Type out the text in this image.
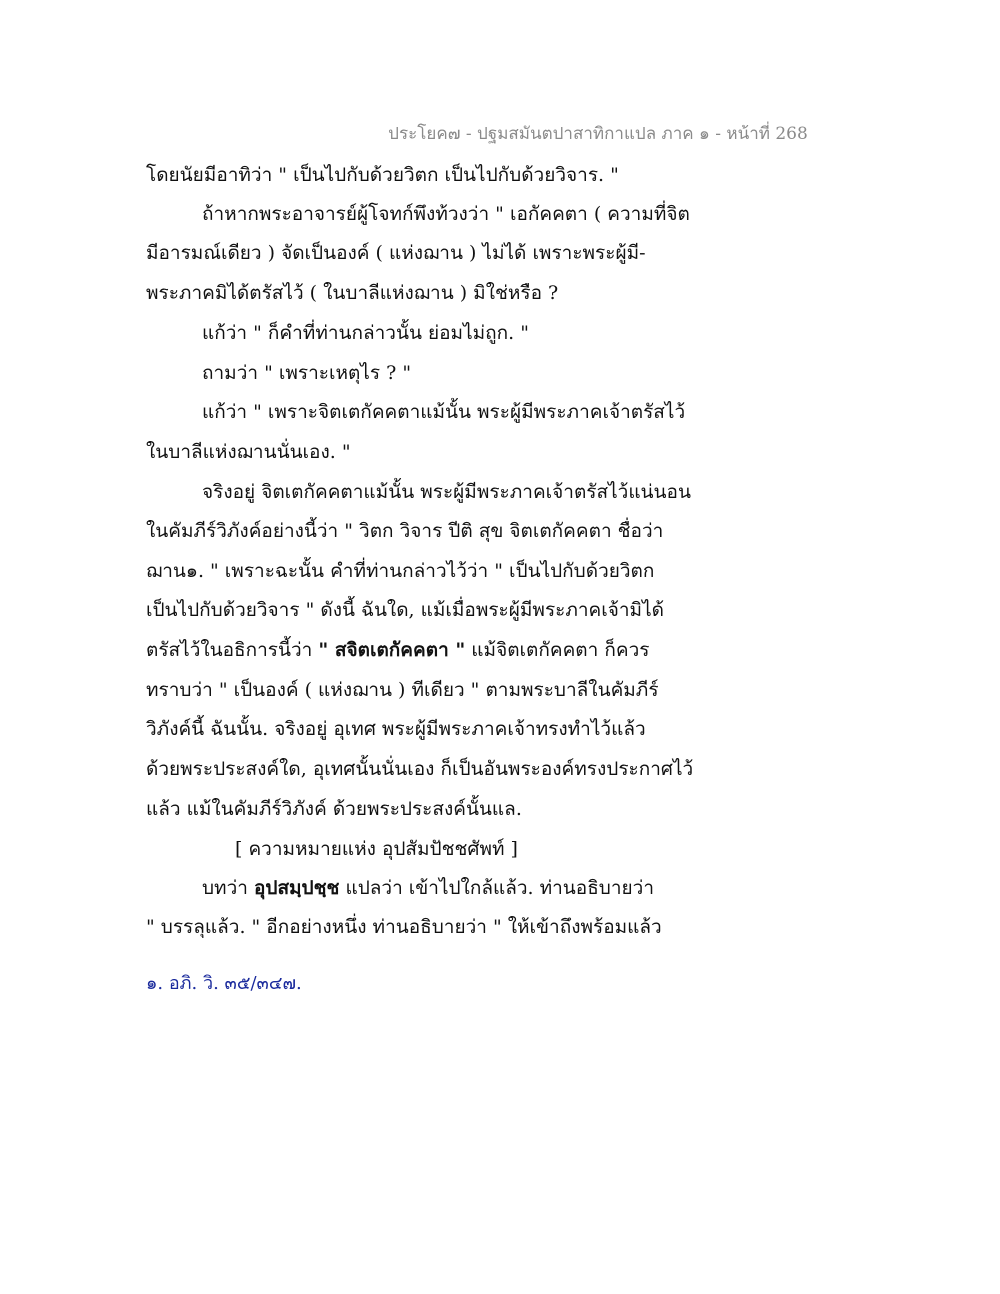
ประโยค๗ - ปฐมสมันตปาสาทิกาแปล ภาค ๑ - หน้าที่ 268
โดยนัยมีอาทิว่า " เป็นไปกับด้วยวิตก เป็นไปกับด้วยวิจาร. "
ถ้าหากพระอาจารย์ผู้โจทก์พึงท้วงว่า " เอกัคคตา ( ความที่จิต
มีอารมณ์เดียว ) จัดเป็นองค์ ( แห่งฌาน ) ไม่ได้ เพราะพระผู้มี-
พระภาคมิได้ตรัสไว้ ( ในบาลีแห่งฌาน ) มิใช่หรือ ?
แก้ว่า " ก็คำที่ท่านกล่าวนั้น ย่อมไม่ถูก. "
ถามว่า " เพราะเหตุไร ? "
แก้ว่า " เพราะจิตเตกัคคตาแม้นั้น พระผู้มีพระภาคเจ้าตรัสไว้
ในบาลีแห่งฌานนั่นเอง. "
จริงอยู่ จิตเตกัคคตาแม้นั้น พระผู้มีพระภาคเจ้าตรัสไว้แน่นอน
ในคัมภีร์วิภังค์อย่างนี้ว่า " วิตก วิจาร ปีติ สุข จิตเตกัคคตา ชื่อว่า
ฌาน๑. " เพราะฉะนั้น คำที่ท่านกล่าวไว้ว่า " เป็นไปกับด้วยวิตก
เป็นไปกับด้วยวิจาร " ดังนี้ ฉันใด, แม้เมื่อพระผู้มีพระภาคเจ้ามิได้
ตรัสไว้ในอธิการนี้ว่า " สจิตเตกัคคตา " แม้จิตเตกัคคตา ก็ควร
ทราบว่า " เป็นองค์ ( แห่งฌาน ) ทีเดียว " ตามพระบาลีในคัมภีร์
วิภังค์นี้ ฉันนั้น. จริงอยู่ อุเทศ พระผู้มีพระภาคเจ้าทรงทำไว้แล้ว
ด้วยพระประสงค์ใด, อุเทศนั้นนั่นเอง ก็เป็นอันพระองค์ทรงประกาศไว้
แล้ว แม้ในคัมภีร์วิภังค์ ด้วยพระประสงค์นั้นแล.
[ ความหมายแห่ง อุปสัมปัชชศัพท์ ]
บทว่า อุปสมฺปชฺช แปลว่า เข้าไปใกล้แล้ว. ท่านอธิบายว่า
" บรรลุแล้ว. " อีกอย่างหนึ่ง ท่านอธิบายว่า " ให้เข้าถึงพร้อมแล้ว
๑. อภิ. วิ. ๓๕/๓๔๗.
